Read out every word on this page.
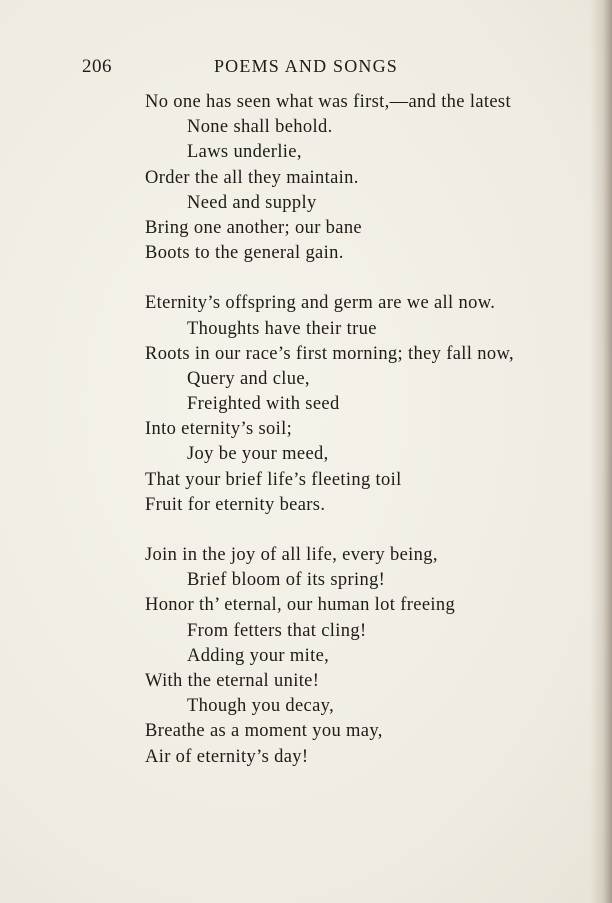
206	POEMS AND SONGS
No one has seen what was first,—and the latest
None shall behold.
Laws underlie,
Order the all they maintain.
Need and supply
Bring one another; our bane
Boots to the general gain.
Eternity’s offspring and germ are we all now.
Thoughts have their true
Roots in our race’s first morning; they fall now,
Query and clue,
Freighted with seed
Into eternity’s soil;
Joy be your meed,
That your brief life’s fleeting toil
Fruit for eternity bears.
Join in the joy of all life, every being,
Brief bloom of its spring!
Honor th’ eternal, our human lot freeing
From fetters that cling!
Adding your mite,
With the eternal unite!
Though you decay,
Breathe as a moment you may,
Air of eternity’s day!
